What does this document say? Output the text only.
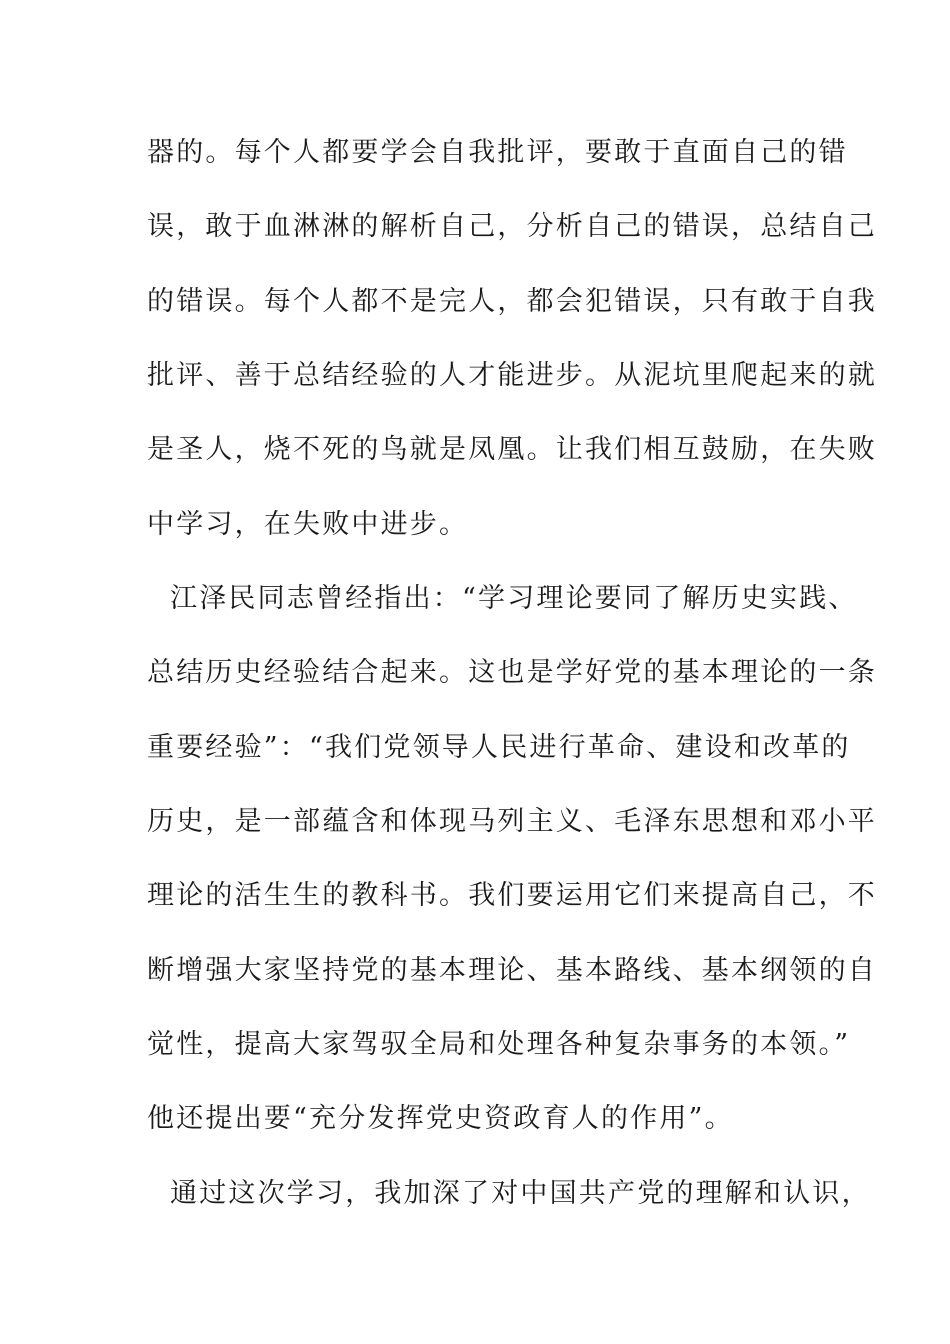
器的。每个人都要学会自我批评，要敢于直面自己的错
误，敢于血淋淋的解析自己，分析自己的错误，总结自己
的错误。每个人都不是完人，都会犯错误，只有敢于自我
批评、善于总结经验的人才能进步。从泥坑里爬起来的就
是圣人，烧不死的鸟就是凤凰。让我们相互鼓励，在失败
中学习，在失败中进步。
江泽民同志曾经指出：“学习理论要同了解历史实践、
总结历史经验结合起来。这也是学好党的基本理论的一条
重要经验”：“我们党领导人民进行革命、建设和改革的
历史，是一部蕴含和体现马列主义、毛泽东思想和邓小平
理论的活生生的教科书。我们要运用它们来提高自己，不
断增强大家坚持党的基本理论、基本路线、基本纲领的自
觉性，提高大家驾驭全局和处理各种复杂事务的本领。”
他还提出要“充分发挥党史资政育人的作用”。
通过这次学习，我加深了对中国共产党的理解和认识，
